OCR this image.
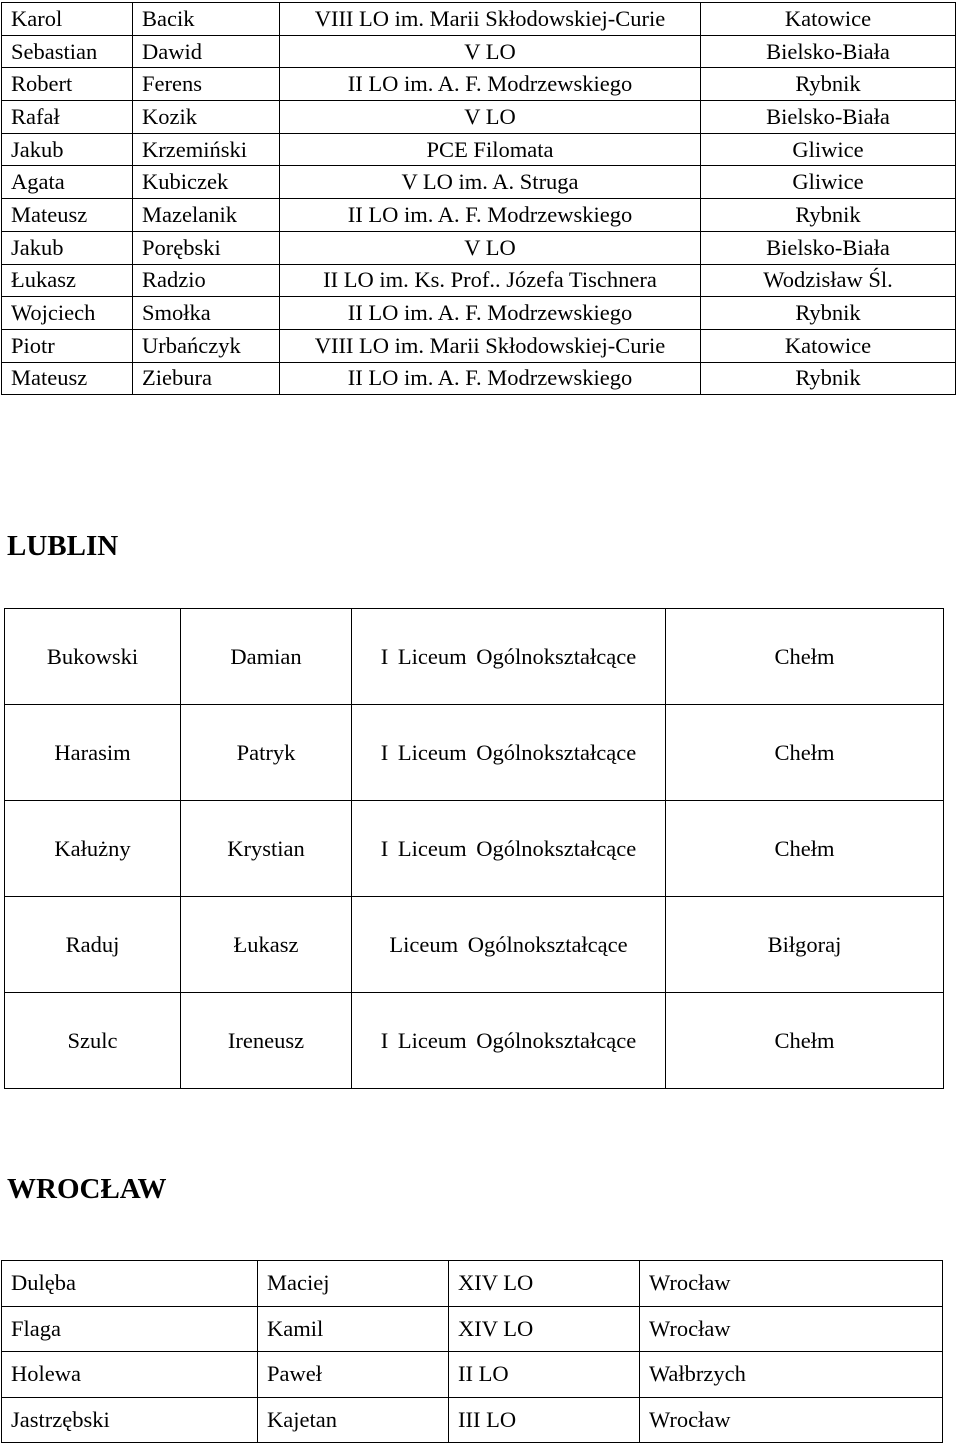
Karol	Bacik	VIII LO im. Marii Skłodowskiej-Curie	Katowice
Sebastian	Dawid	V LO	Bielsko-Biała
Robert	Ferens	II LO im. A. F. Modrzewskiego	Rybnik
Rafał	Kozik	V LO	Bielsko-Biała
Jakub	Krzemiński	PCE Filomata	Gliwice
Agata	Kubiczek	V LO im. A. Struga	Gliwice
Mateusz	Mazelanik	II LO im. A. F. Modrzewskiego	Rybnik
Jakub	Porębski	V LO	Bielsko-Biała
Łukasz	Radzio	II LO im. Ks. Prof.. Józefa Tischnera	Wodzisław Śl.
Wojciech	Smołka	II LO im. A. F. Modrzewskiego	Rybnik
Piotr	Urbańczyk	VIII LO im. Marii Skłodowskiej-Curie	Katowice
Mateusz	Ziebura	II LO im. A. F. Modrzewskiego	Rybnik
LUBLIN
Bukowski	Damian	I Liceum Ogólnokształcące	Chełm
Harasim	Patryk	I Liceum Ogólnokształcące	Chełm
Kałużny	Krystian	I Liceum Ogólnokształcące	Chełm
Raduj	Łukasz	Liceum Ogólnokształcące	Biłgoraj
Szulc	Ireneusz	I Liceum Ogólnokształcące	Chełm
WROCŁAW
Dulęba	Maciej	XIV LO	Wrocław
Flaga	Kamil	XIV LO	Wrocław
Holewa	Paweł	II LO	Wałbrzych
Jastrzębski	Kajetan	III LO	Wrocław
